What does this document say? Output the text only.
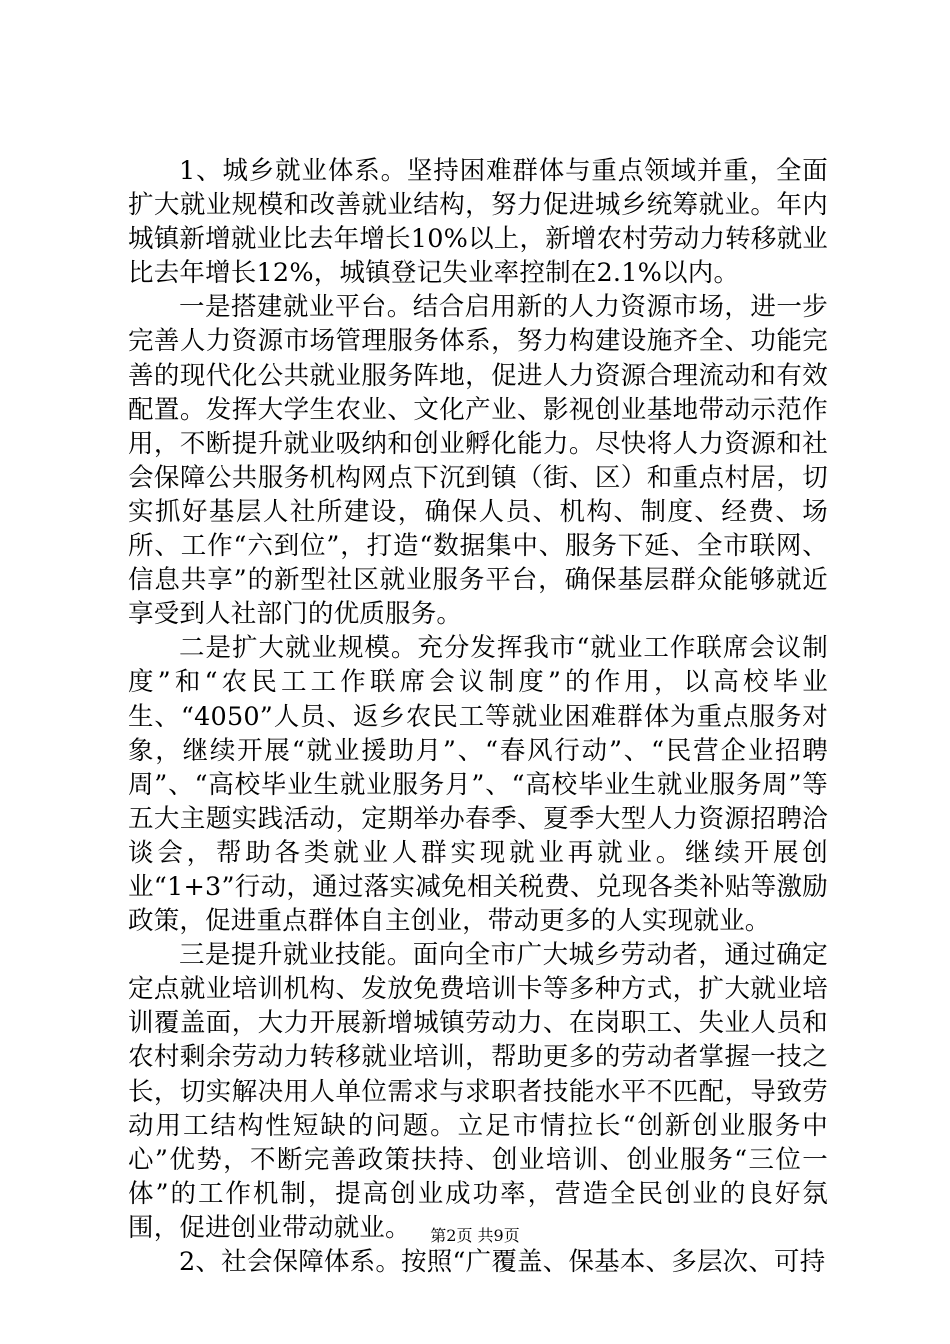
1、城乡就业体系。坚持困难群体与重点领域并重，全面扩大就业规模和改善就业结构，努力促进城乡统筹就业。年内城镇新增就业比去年增长10%以上，新增农村劳动力转移就业比去年增长12%，城镇登记失业率控制在2.1%以内。

一是搭建就业平台。结合启用新的人力资源市场，进一步完善人力资源市场管理服务体系，努力构建设施齐全、功能完善的现代化公共就业服务阵地，促进人力资源合理流动和有效配置。发挥大学生农业、文化产业、影视创业基地带动示范作用，不断提升就业吸纳和创业孵化能力。尽快将人力资源和社会保障公共服务机构网点下沉到镇（街、区）和重点村居，切实抓好基层人社所建设，确保人员、机构、制度、经费、场所、工作“六到位”，打造“数据集中、服务下延、全市联网、信息共享”的新型社区就业服务平台，确保基层群众能够就近享受到人社部门的优质服务。

二是扩大就业规模。充分发挥我市“就业工作联席会议制度”和“农民工工作联席会议制度”的作用，以高校毕业生、“4050”人员、返乡农民工等就业困难群体为重点服务对象，继续开展“就业援助月”、“春风行动”、“民营企业招聘周”、“高校毕业生就业服务月”、“高校毕业生就业服务周”等五大主题实践活动，定期举办春季、夏季大型人力资源招聘洽谈会，帮助各类就业人群实现就业再就业。继续开展创业“1+3”行动，通过落实减免相关税费、兑现各类补贴等激励政策，促进重点群体自主创业，带动更多的人实现就业。

三是提升就业技能。面向全市广大城乡劳动者，通过确定定点就业培训机构、发放免费培训卡等多种方式，扩大就业培训覆盖面，大力开展新增城镇劳动力、在岗职工、失业人员和农村剩余劳动力转移就业培训，帮助更多的劳动者掌握一技之长，切实解决用人单位需求与求职者技能水平不匹配，导致劳动用工结构性短缺的问题。立足市情拉长“创新创业服务中心”优势，不断完善政策扶持、创业培训、创业服务“三位一体”的工作机制，提高创业成功率，营造全民创业的良好氛围，促进创业带动就业。

2、社会保障体系。按照“广覆盖、保基本、多层次、可持

第2页 共9页
